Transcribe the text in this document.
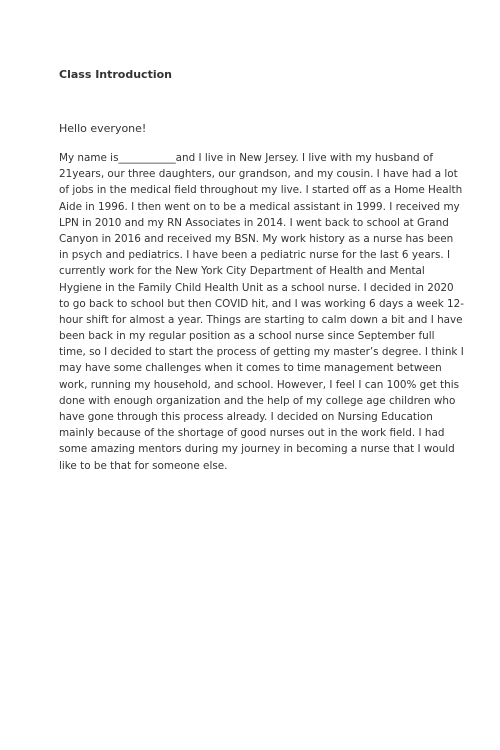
Class Introduction
Hello everyone!
My name is___________and I live in New Jersey. I live with my husband of
21years, our three daughters, our grandson, and my cousin. I have had a lot
of jobs in the medical field throughout my live. I started off as a Home Health
Aide in 1996. I then went on to be a medical assistant in 1999. I received my
LPN in 2010 and my RN Associates in 2014. I went back to school at Grand
Canyon in 2016 and received my BSN. My work history as a nurse has been
in psych and pediatrics. I have been a pediatric nurse for the last 6 years. I
currently work for the New York City Department of Health and Mental
Hygiene in the Family Child Health Unit as a school nurse. I decided in 2020
to go back to school but then COVID hit, and I was working 6 days a week 12-
hour shift for almost a year. Things are starting to calm down a bit and I have
been back in my regular position as a school nurse since September full
time, so I decided to start the process of getting my master’s degree. I think I
may have some challenges when it comes to time management between
work, running my household, and school. However, I feel I can 100% get this
done with enough organization and the help of my college age children who
have gone through this process already. I decided on Nursing Education
mainly because of the shortage of good nurses out in the work field. I had
some amazing mentors during my journey in becoming a nurse that I would
like to be that for someone else.
